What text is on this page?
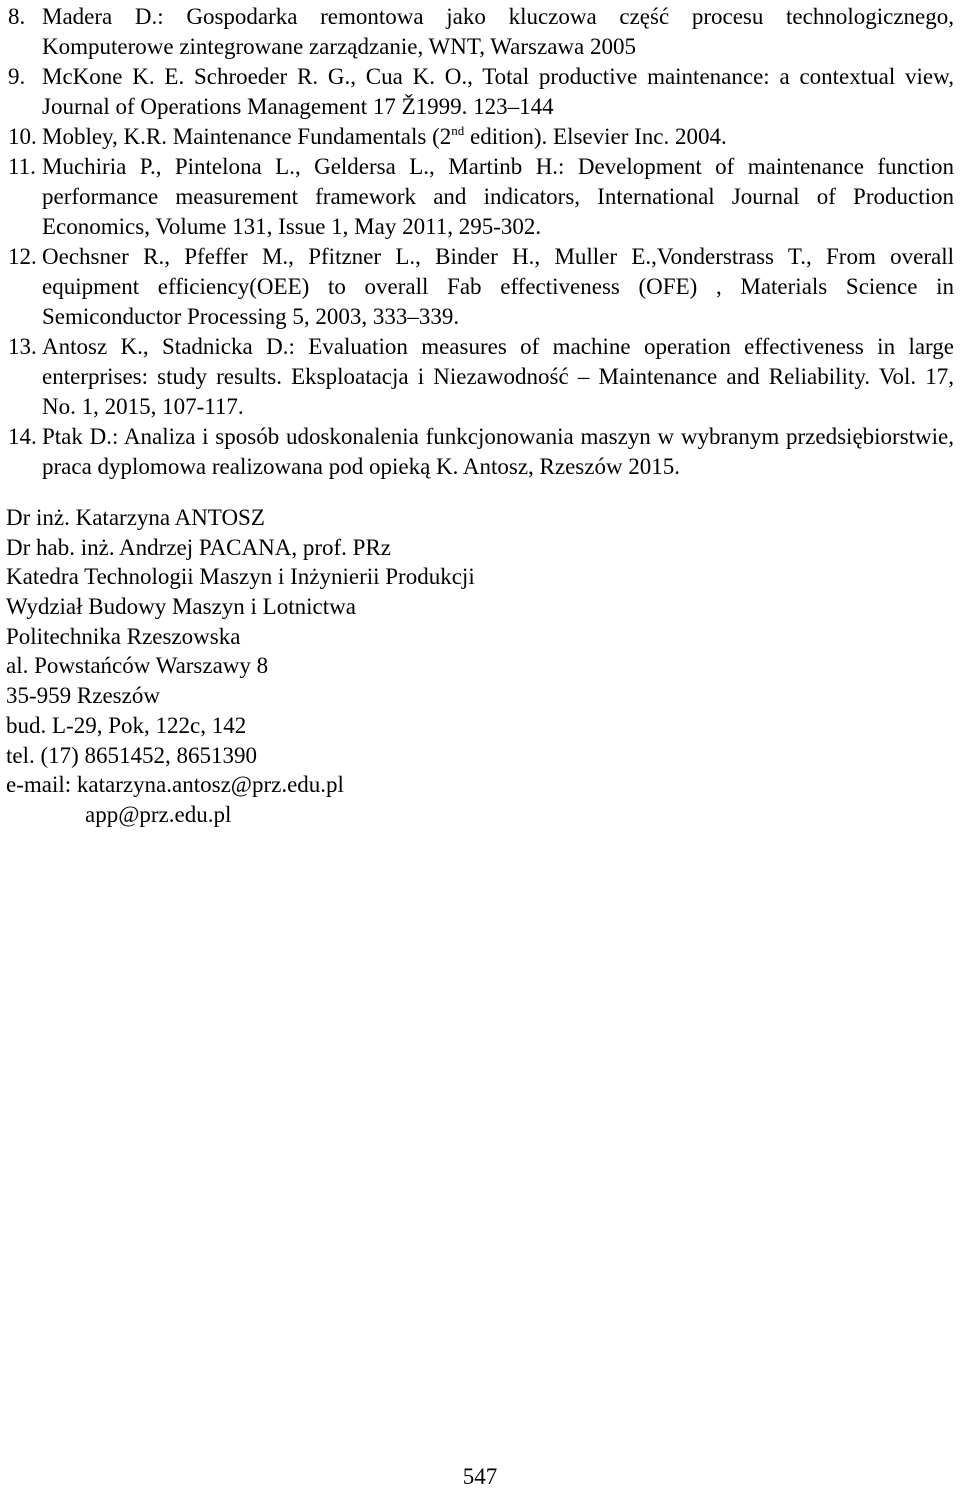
8. Madera D.: Gospodarka remontowa jako kluczowa część procesu technologicznego, Komputerowe zintegrowane zarządzanie, WNT, Warszawa 2005
9. McKone K. E. Schroeder R. G., Cua K. O., Total productive maintenance: a contextual view, Journal of Operations Management 17 Ž1999. 123–144
10. Mobley, K.R. Maintenance Fundamentals (2nd edition). Elsevier Inc. 2004.
11. Muchiria P., Pintelona L., Geldersa L., Martinb H.: Development of maintenance function performance measurement framework and indicators, International Journal of Production Economics, Volume 131, Issue 1, May 2011, 295-302.
12. Oechsner R., Pfeffer M., Pfitzner L., Binder H., Muller E.,Vonderstrass T., From overall equipment efficiency(OEE) to overall Fab effectiveness (OFE) , Materials Science in Semiconductor Processing 5, 2003, 333–339.
13. Antosz K., Stadnicka D.: Evaluation measures of machine operation effectiveness in large enterprises: study results. Eksploatacja i Niezawodność – Maintenance and Reliability. Vol. 17, No. 1, 2015, 107-117.
14. Ptak D.: Analiza i sposób udoskonalenia funkcjonowania maszyn w wybranym przedsiębiorstwie, praca dyplomowa realizowana pod opieką K. Antosz, Rzeszów 2015.
Dr inż. Katarzyna ANTOSZ
Dr hab. inż. Andrzej PACANA, prof. PRz
Katedra Technologii Maszyn i Inżynierii Produkcji
Wydział Budowy Maszyn i Lotnictwa
Politechnika Rzeszowska
al. Powstańców Warszawy 8
35-959 Rzeszów
bud. L-29, Pok, 122c, 142
tel. (17) 8651452, 8651390
e-mail: katarzyna.antosz@prz.edu.pl
app@prz.edu.pl
547
